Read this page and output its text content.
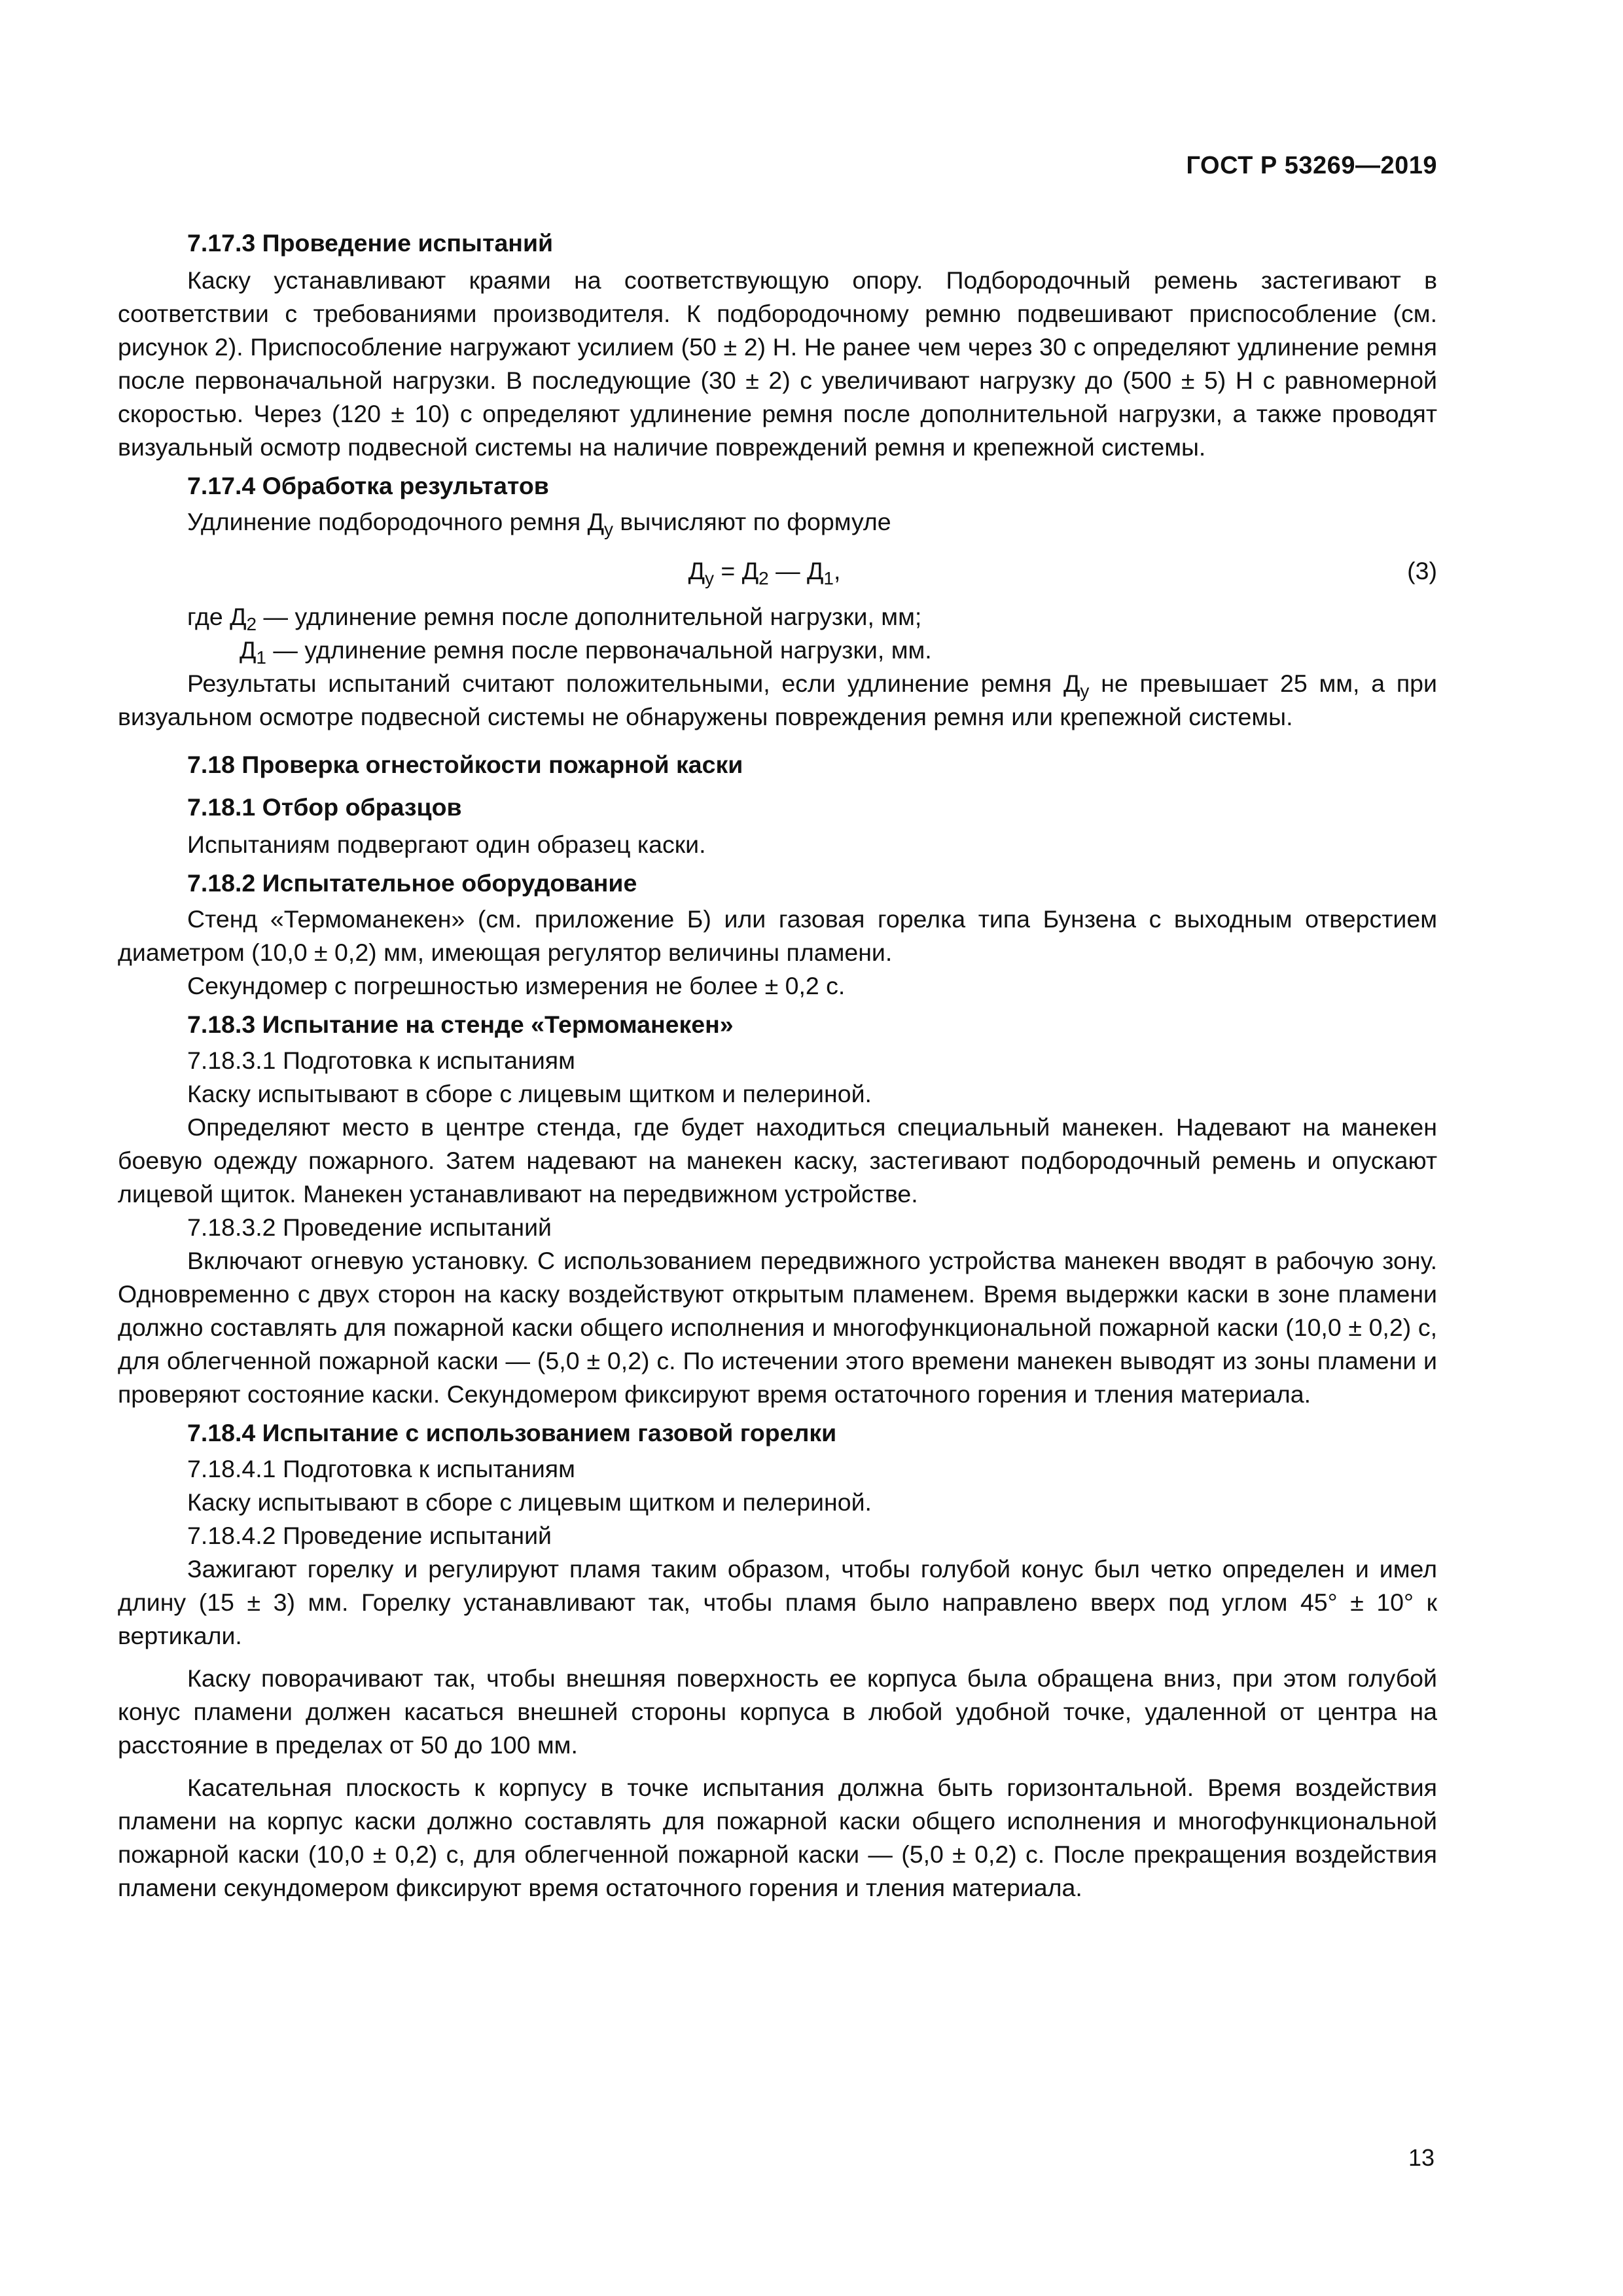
ГОСТ Р 53269—2019
7.17.3 Проведение испытаний

Каску устанавливают краями на соответствующую опору. Подбородочный ремень застегивают в соответствии с требованиями производителя. К подбородочному ремню подвешивают приспособление (см. рисунок 2). Приспособление нагружают усилием (50 ± 2) Н. Не ранее чем через 30 с определяют удлинение ремня после первоначальной нагрузки. В последующие (30 ± 2) с увеличивают нагрузку до (500 ± 5) Н с равномерной скоростью. Через (120 ± 10) с определяют удлинение ремня после дополнительной нагрузки, а также проводят визуальный осмотр подвесной системы на наличие повреждений ремня и крепежной системы.

7.17.4 Обработка результатов

Удлинение подбородочного ремня $Д_у$ вычисляют по формуле

$Д_у = Д_2$ — $Д_1$,	(3)

где $Д_2$ — удлинение ремня после дополнительной нагрузки, мм;

$Д_1$ — удлинение ремня после первоначальной нагрузки, мм.

Результаты испытаний считают положительными, если удлинение ремня $Д_у$ не превышает 25 мм, а при визуальном осмотре подвесной системы не обнаружены повреждения ремня или крепежной системы.

7.18 Проверка огнестойкости пожарной каски
7.18.1 Отбор образцов

Испытаниям подвергают один образец каски.

7.18.2 Испытательное оборудование

Стенд «Термоманекен» (см. приложение Б) или газовая горелка типа Бунзена с выходным отверстием диаметром (10,0 ± 0,2) мм, имеющая регулятор величины пламени.

Секундомер с погрешностью измерения не более ± 0,2 с.

7.18.3 Испытание на стенде «Термоманекен»

7.18.3.1 Подготовка к испытаниям

Каску испытывают в сборе с лицевым щитком и пелериной.

Определяют место в центре стенда, где будет находиться специальный манекен. Надевают на манекен боевую одежду пожарного. Затем надевают на манекен каску, застегивают подбородочный ремень и опускают лицевой щиток. Манекен устанавливают на передвижном устройстве.

7.18.3.2 Проведение испытаний

Включают огневую установку. С использованием передвижного устройства манекен вводят в рабочую зону. Одновременно с двух сторон на каску воздействуют открытым пламенем. Время выдержки каски в зоне пламени должно составлять для пожарной каски общего исполнения и многофункциональной пожарной каски (10,0 ± 0,2) с, для облегченной пожарной каски — (5,0 ± 0,2) с. По истечении этого времени манекен выводят из зоны пламени и проверяют состояние каски. Секундомером фиксируют время остаточного горения и тления материала.

7.18.4 Испытание с использованием газовой горелки

7.18.4.1 Подготовка к испытаниям

Каску испытывают в сборе с лицевым щитком и пелериной.

7.18.4.2 Проведение испытаний

Зажигают горелку и регулируют пламя таким образом, чтобы голубой конус был четко определен и имел длину (15 ± 3) мм. Горелку устанавливают так, чтобы пламя было направлено вверх под углом 45° ± 10° к вертикали.

Каску поворачивают так, чтобы внешняя поверхность ее корпуса была обращена вниз, при этом голубой конус пламени должен касаться внешней стороны корпуса в любой удобной точке, удаленной от центра на расстояние в пределах от 50 до 100 мм.

Касательная плоскость к корпусу в точке испытания должна быть горизонтальной. Время воздействия пламени на корпус каски должно составлять для пожарной каски общего исполнения и многофункциональной пожарной каски (10,0 ± 0,2) с, для облегченной пожарной каски — (5,0 ± 0,2) с. После прекращения воздействия пламени секундомером фиксируют время остаточного горения и тления материала.

13
